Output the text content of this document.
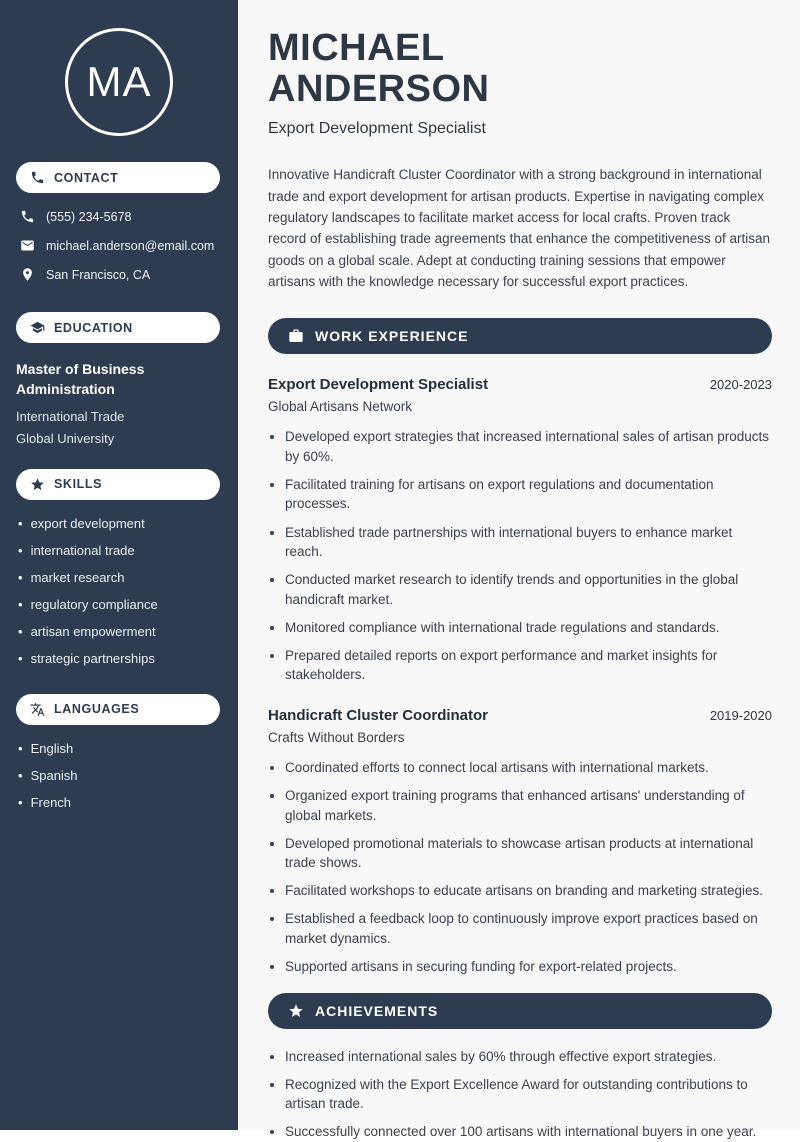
MA
CONTACT
(555) 234-5678
michael.anderson@email.com
San Francisco, CA
EDUCATION
Master of Business Administration
International Trade
Global University
SKILLS
• export development
• international trade
• market research
• regulatory compliance
• artisan empowerment
• strategic partnerships
LANGUAGES
• English
• Spanish
• French
MICHAEL
ANDERSON
Export Development Specialist

Innovative Handicraft Cluster Coordinator with a strong background in international trade and export development for artisan products. Expertise in navigating complex regulatory landscapes to facilitate market access for local crafts. Proven track record of establishing trade agreements that enhance the competitiveness of artisan goods on a global scale. Adept at conducting training sessions that empower artisans with the knowledge necessary for successful export practices.

WORK EXPERIENCE
Export Development Specialist	2020-2023
Global Artisans Network
• Developed export strategies that increased international sales of artisan products by 60%.
• Facilitated training for artisans on export regulations and documentation processes.
• Established trade partnerships with international buyers to enhance market reach.
• Conducted market research to identify trends and opportunities in the global handicraft market.
• Monitored compliance with international trade regulations and standards.
• Prepared detailed reports on export performance and market insights for stakeholders.
Handicraft Cluster Coordinator	2019-2020
Crafts Without Borders
• Coordinated efforts to connect local artisans with international markets.
• Organized export training programs that enhanced artisans' understanding of global markets.
• Developed promotional materials to showcase artisan products at international trade shows.
• Facilitated workshops to educate artisans on branding and marketing strategies.
• Established a feedback loop to continuously improve export practices based on market dynamics.
• Supported artisans in securing funding for export-related projects.
ACHIEVEMENTS
• Increased international sales by 60% through effective export strategies.
• Recognized with the Export Excellence Award for outstanding contributions to artisan trade.
• Successfully connected over 100 artisans with international buyers in one year.
